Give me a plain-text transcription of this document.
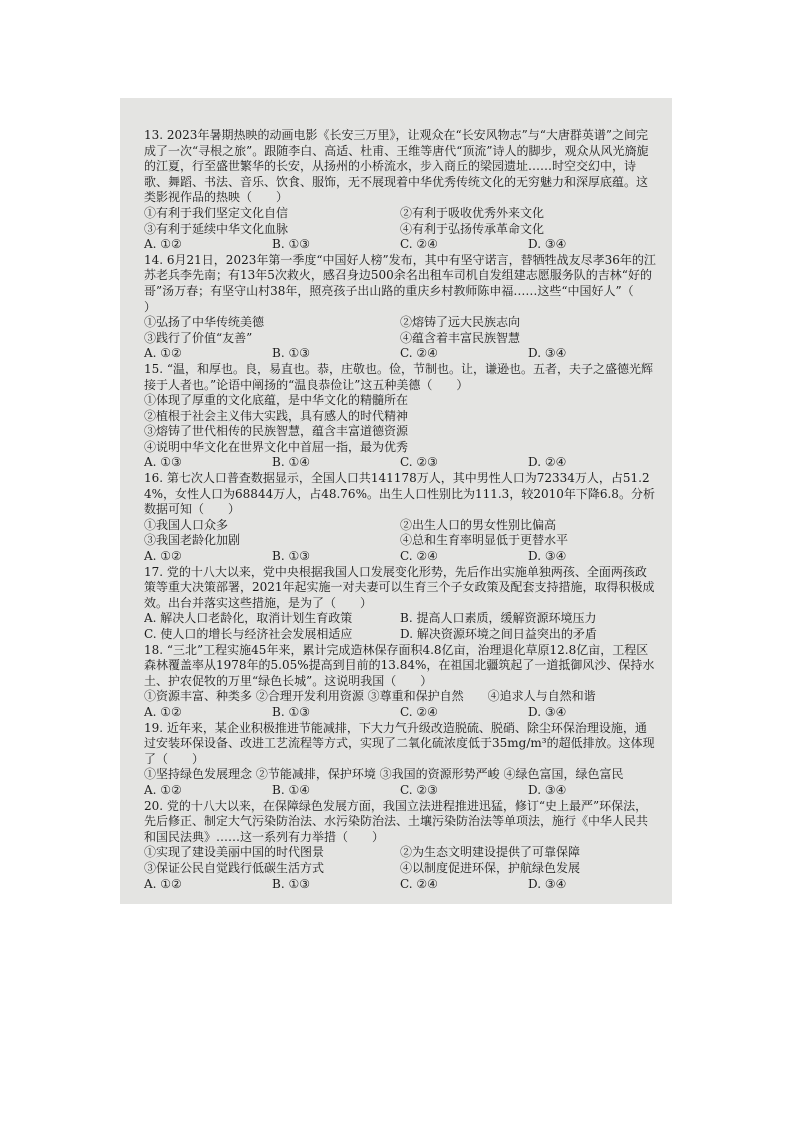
13. 2023年暑期热映的动画电影《长安三万里》，让观众在“长安风物志”与“大唐群英谱”之间完成了一次“寻根之旅”。跟随李白、高适、杜甫、王维等唐代“顶流”诗人的脚步，观众从风光旖旎的江夏，行至盛世繁华的长安，从扬州的小桥流水，步入商丘的梁园遗址……时空交幻中，诗歌、舞蹈、书法、音乐、饮食、服饰，无不展现着中华优秀传统文化的无穷魅力和深厚底蕴。这类影视作品的热映（　　）

①有利于我们坚定文化自信	②有利于吸收优秀外来文化
③有利于延续中华文化血脉	④有利于弘扬传承革命文化
A. ①②	B. ①③	C. ②④	D. ③④

14. 6月21日，2023年第一季度“中国好人榜”发布，其中有坚守诺言，替牺牲战友尽孝36年的江苏老兵李先南；有13年5次救火，感召身边500余名出租车司机自发组建志愿服务队的吉林“好的哥”汤万春；有坚守山村38年，照亮孩子出山路的重庆乡村教师陈申福……这些“中国好人”（　　）

①弘扬了中华传统美德	②熔铸了远大民族志向
③践行了价值“友善”	④蕴含着丰富民族智慧
A. ①②	B. ①③	C. ②④	D. ③④

15. “温，和厚也。良，易直也。恭，庄敬也。俭，节制也。让，谦逊也。五者，夫子之盛德光辉接于人者也。”论语中阐扬的“温良恭俭让”这五种美德（　　）

①体现了厚重的文化底蕴，是中华文化的精髓所在

②植根于社会主义伟大实践，具有感人的时代精神

③熔铸了世代相传的民族智慧，蕴含丰富道德资源

④说明中华文化在世界文化中首屈一指，最为优秀

A. ①③	B. ①④	C. ②③	D. ②④

16. 第七次人口普查数据显示，全国人口共141178万人，其中男性人口为72334万人，占51.24%，女性人口为68844万人，占48.76%。出生人口性别比为111.3，较2010年下降6.8。分析数据可知（　　）

①我国人口众多	②出生人口的男女性别比偏高
③我国老龄化加剧	④总和生育率明显低于更替水平
A. ①②	B. ①③	C. ②④	D. ③④

17. 党的十八大以来，党中央根据我国人口发展变化形势，先后作出实施单独两孩、全面两孩政策等重大决策部署，2021年起实施一对夫妻可以生育三个子女政策及配套支持措施，取得积极成效。出台并落实这些措施，是为了（　　）

A. 解决人口老龄化，取消计划生育政策	B. 提高人口素质，缓解资源环境压力
C. 使人口的增长与经济社会发展相适应	D. 解决资源环境之间日益突出的矛盾

18. “三北”工程实施45年来，累计完成造林保存面积4.8亿亩，治理退化草原12.8亿亩，工程区森林覆盖率从1978年的5.05%提高到目前的13.84%，在祖国北疆筑起了一道抵御风沙、保持水土、护农促牧的万里“绿色长城”。这说明我国（　　）

①资源丰富、种类多 ②合理开发利用资源 ③尊重和保护自然　　④追求人与自然和谐

A. ①②	B. ①③	C. ②④	D. ③④

19. 近年来，某企业积极推进节能减排，下大力气升级改造脱硫、脱硝、除尘环保治理设施，通过安装环保设备、改进工艺流程等方式，实现了二氧化硫浓度低于35mg/m³的超低排放。这体现了（　　）

①坚持绿色发展理念 ②节能减排，保护环境 ③我国的资源形势严峻 ④绿色富国，绿色富民

A. ①②	B. ①④	C. ②③	D. ③④

20. 党的十八大以来，在保障绿色发展方面，我国立法进程推进迅猛，修订“史上最严”环保法，先后修正、制定大气污染防治法、水污染防治法、土壤污染防治法等单项法，施行《中华人民共和国民法典》……这一系列有力举措（　　）

①实现了建设美丽中国的时代图景	②为生态文明建设提供了可靠保障
③保证公民自觉践行低碳生活方式	④以制度促进环保，护航绿色发展
A. ①②	B. ①③	C. ②④	D. ③④
